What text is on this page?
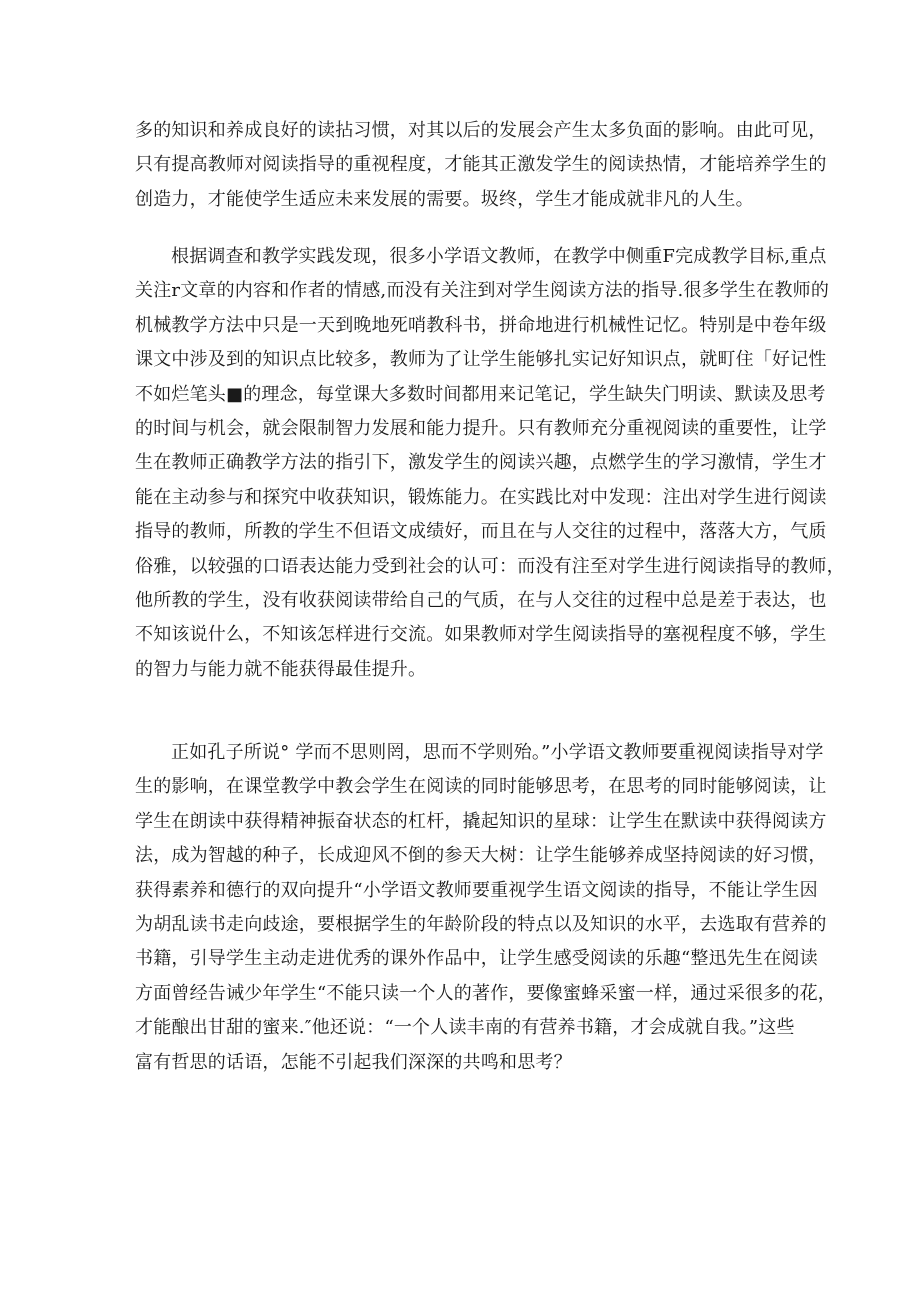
多的知识和养成良好的读拈习惯，对其以后的发展会产生太多负面的影响。由此可见，
只有提高教师对阅读指导的重视程度，才能其正激发学生的阅读热情，才能培养学生的
创造力，才能使学生适应未来发展的需要。圾终，学生才能成就非凡的人生。
根据调查和教学实践发现，很多小学语文教师，在教学中侧重F完成教学目标,重点
关注r文章的内容和作者的情感,而没有关注到对学生阅读方法的指导.很多学生在教师的
机械教学方法中只是一天到晚地死哨教科书，拼命地进行机械性记忆。特别是中卷年级
课文中涉及到的知识点比较多，教师为了让学生能够扎实记好知识点，就町住「好记性
不如烂笔头■的理念，每堂课大多数时间都用来记笔记，学生缺失门明读、默读及思考
的时间与机会，就会限制智力发展和能力提升。只有教师充分重视阅读的重要性，让学
生在教师正确教学方法的指引下，激发学生的阅读兴趣，点燃学生的学习激情，学生才
能在主动参与和探究中收获知识，锻炼能力。在实践比对中发现：注出对学生进行阅读
指导的教师，所教的学生不但语文成绩好，而且在与人交往的过程中，落落大方，气质
俗雅，以较强的口语表达能力受到社会的认可：而没有注至对学生进行阅读指导的教师，
他所教的学生，没有收获阅读带给自己的气质，在与人交往的过程中总是差于表达，也
不知该说什么，不知该怎样进行交流。如果教师对学生阅读指导的塞视程度不够，学生
的智力与能力就不能获得最佳提升。
正如孔子所说° 学而不思则罔，思而不学则殆。”小学语文教师要重视阅读指导对学
生的影响，在课堂教学中教会学生在阅读的同时能够思考，在思考的同时能够阅读，让
学生在朗读中获得精神振奋状态的杠杆，撬起知识的星球：让学生在默读中获得阅读方
法，成为智越的种子，长成迎风不倒的参天大树：让学生能够养成坚持阅读的好习惯，
获得素养和德行的双向提升“小学语文教师要重视学生语文阅读的指导，不能让学生因
为胡乱读书走向歧途，要根据学生的年龄阶段的特点以及知识的水平，去选取有营养的
书籍，引导学生主动走进优秀的课外作品中，让学生感受阅读的乐趣“整迅先生在阅读
方面曾经告诫少年学生“不能只读一个人的著作，要像蜜蜂采蜜一样，通过采很多的花，
才能酿出甘甜的蜜来.″他还说：“一个人读丰南的有营养书籍，才会成就自我。”这些
富有哲思的话语，怎能不引起我们深深的共鸣和思考？
